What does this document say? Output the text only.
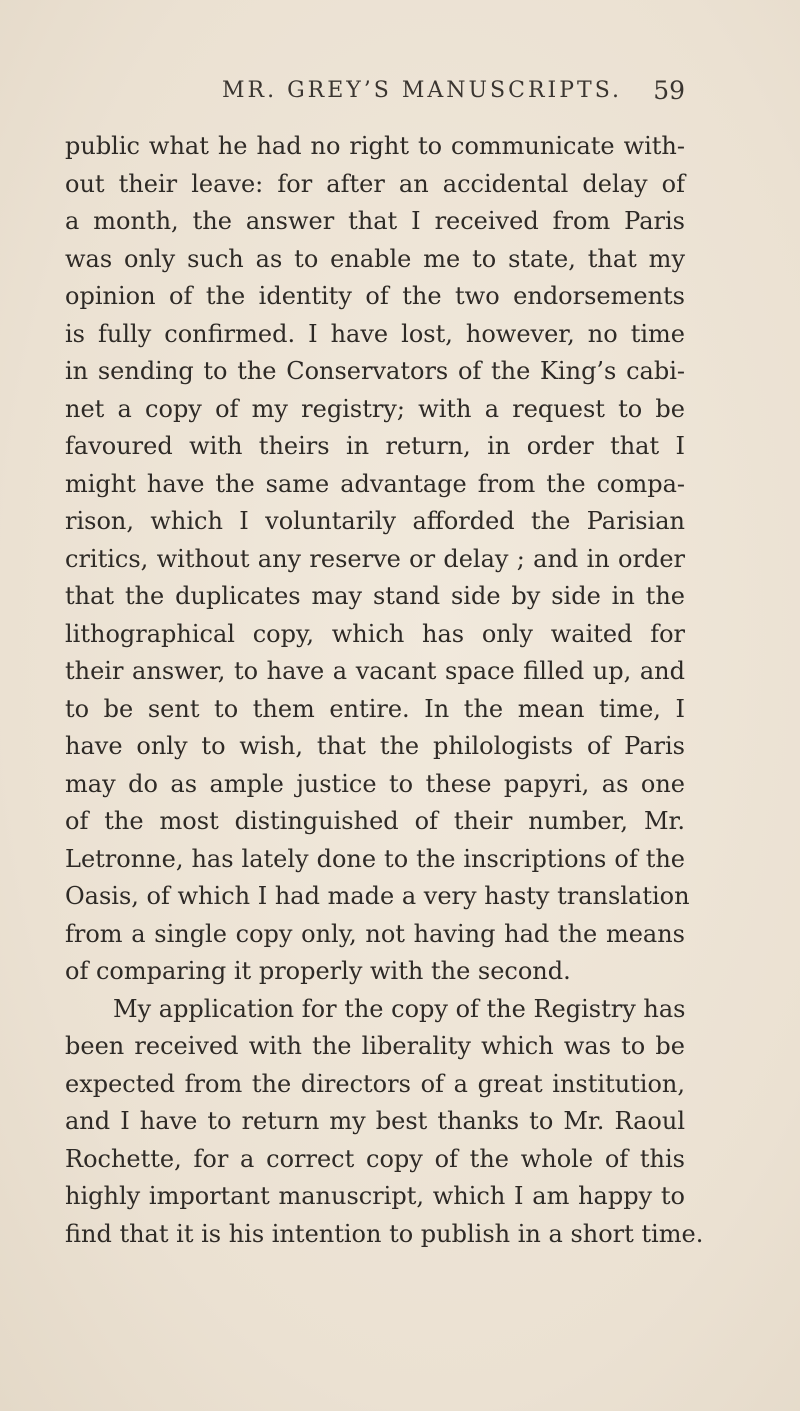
MR. GREY’S MANUSCRIPTS. 59
public what he had no right to communicate with-
out their leave: for after an accidental delay of
a month, the answer that I received from Paris
was only such as to enable me to state, that my
opinion of the identity of the two endorsements
is fully confirmed. I have lost, however, no time
in sending to the Conservators of the King’s cabi-
net a copy of my registry; with a request to be
favoured with theirs in return, in order that I
might have the same advantage from the compa-
rison, which I voluntarily afforded the Parisian
critics, without any reserve or delay ; and in order
that the duplicates may stand side by side in the
lithographical copy, which has only waited for
their answer, to have a vacant space filled up, and
to be sent to them entire. In the mean time, I
have only to wish, that the philologists of Paris
may do as ample justice to these papyri, as one
of the most distinguished of their number, Mr.
Letronne, has lately done to the inscriptions of the
Oasis, of which I had made a very hasty translation
from a single copy only, not having had the means
of comparing it properly with the second.
My application for the copy of the Registry has
been received with the liberality which was to be
expected from the directors of a great institution,
and I have to return my best thanks to Mr. Raoul
Rochette, for a correct copy of the whole of this
highly important manuscript, which I am happy to
find that it is his intention to publish in a short time.
